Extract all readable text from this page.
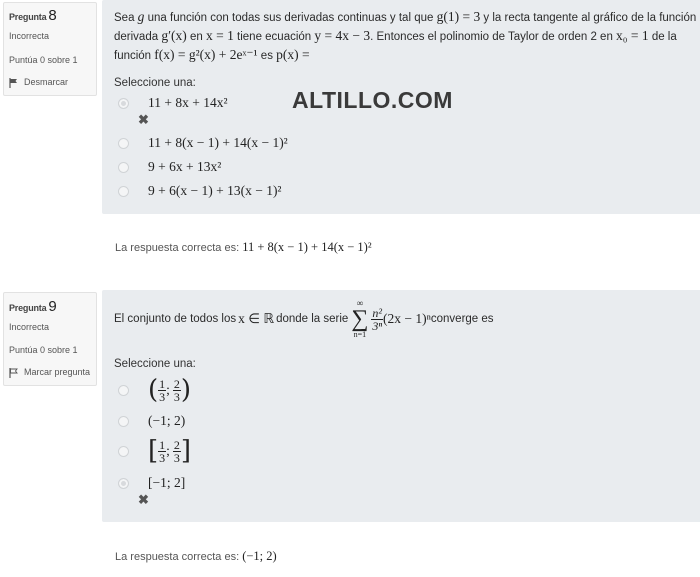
Pregunta 8
Incorrecta
Puntúa 0 sobre 1
Desmarcar
Sea g una función con todas sus derivadas continuas y tal que g(1) = 3 y la recta tangente al gráfico de la función
derivada g′(x) en x = 1 tiene ecuación y = 4x − 3. Entonces el polinomio de Taylor de orden 2 en x₀ = 1 de la
función f(x) = g²(x) + 2eˣ⁻¹ es p(x) =
Seleccione una:
11 + 8x + 14x²
✖
11 + 8(x − 1) + 14(x − 1)²
9 + 6x + 13x²
9 + 6(x − 1) + 13(x − 1)²
ALTILLO.COM
La respuesta correcta es: 11 + 8(x − 1) + 14(x − 1)²
Pregunta 9
Incorrecta
Puntúa 0 sobre 1
Marcar pregunta
El conjunto de todos los x ∈ ℝ donde la serie
∞
∑
n=1
$\frac{\text{n²}}{\text{3ⁿ}} (2x - 1)^n$ converge es
Seleccione una:
( $\frac{1}{3}$ ; $\frac{2}{3}$ )
(−1; 2)
[ $\frac{1}{3}$ ; $\frac{2}{3}$ ]
[−1; 2]
✖
La respuesta correcta es: (−1; 2)
